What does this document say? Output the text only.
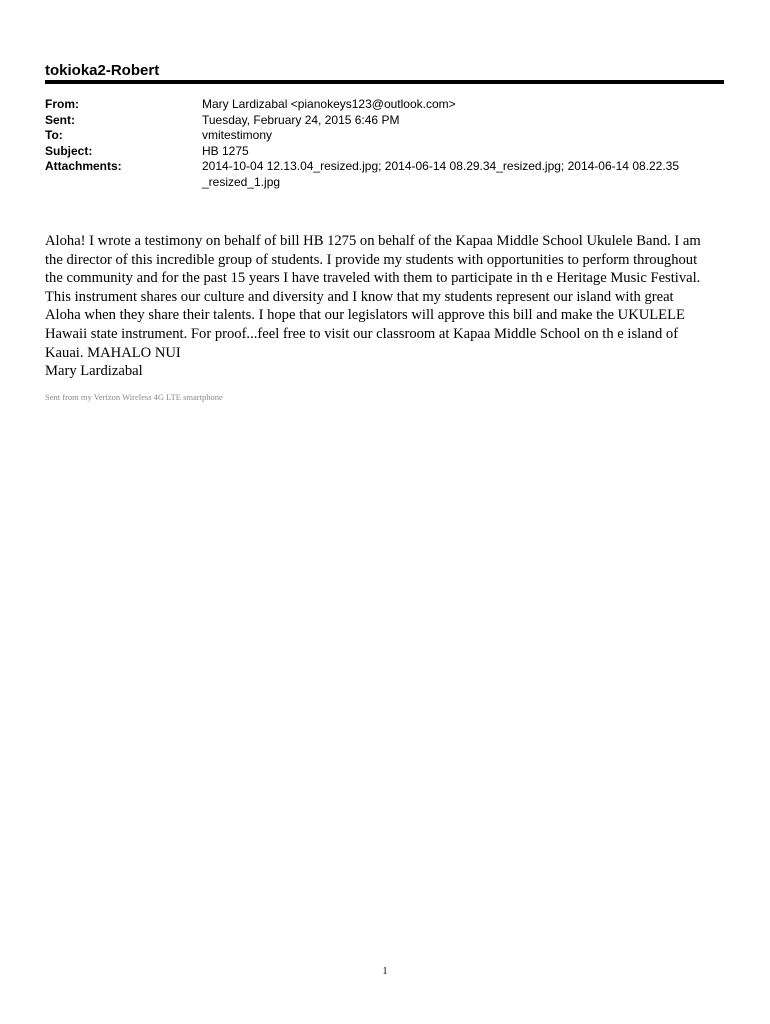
tokioka2-Robert
From:	Mary Lardizabal <pianokeys123@outlook.com>
Sent:	Tuesday, February 24, 2015 6:46 PM
To:	vmitestimony
Subject:	HB 1275
Attachments:	2014-10-04 12.13.04_resized.jpg; 2014-06-14 08.29.34_resized.jpg; 2014-06-14 08.22.35
_resized_1.jpg
Aloha! I wrote a testimony on behalf of bill HB 1275 on behalf of the Kapaa Middle School Ukulele Band. I am
the director of this incredible group of students. I provide my students with opportunities to perform throughout
the community and for the past 15 years I have traveled with them to participate in th e Heritage Music Festival.
This instrument shares our culture and diversity and I know that my students represent our island with great
Aloha when they share their talents. I hope that our legislators will approve this bill and make the UKULELE
Hawaii state instrument. For proof...feel free to visit our classroom at Kapaa Middle School on th e island of
Kauai. MAHALO NUI
Mary Lardizabal
Sent from my Verizon Wireless 4G LTE smartphone
1
